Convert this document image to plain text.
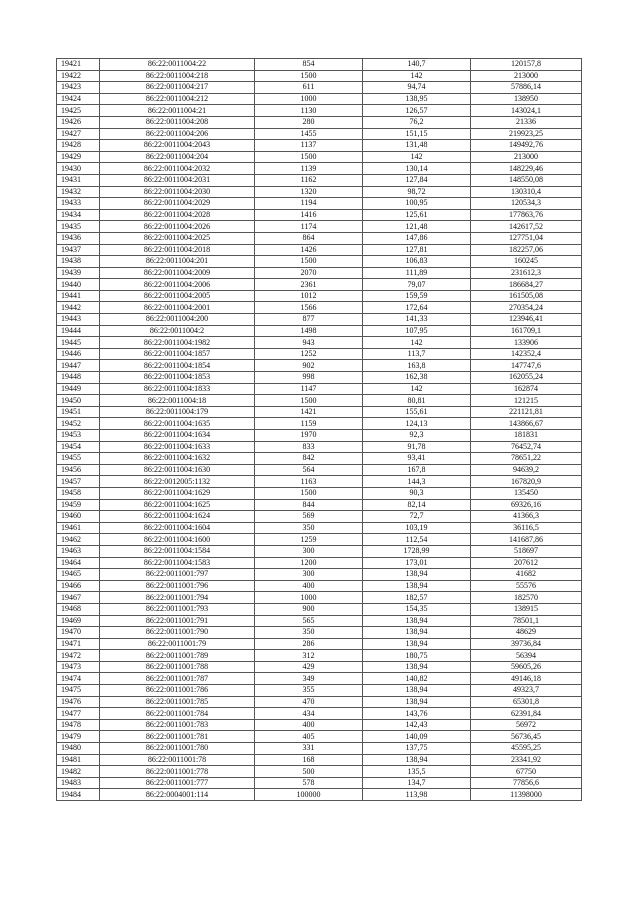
19421	86:22:0011004:22	854	140,7	120157,8
19422	86:22:0011004:218	1500	142	213000
19423	86:22:0011004:217	611	94,74	57886,14
19424	86:22:0011004:212	1000	138,95	138950
19425	86:22:0011004:21	1130	126,57	143024,1
19426	86:22:0011004:208	280	76,2	21336
19427	86:22:0011004:206	1455	151,15	219923,25
19428	86:22:0011004:2043	1137	131,48	149492,76
19429	86:22:0011004:204	1500	142	213000
19430	86:22:0011004:2032	1139	130,14	148229,46
19431	86:22:0011004:2031	1162	127,84	148550,08
19432	86:22:0011004:2030	1320	98,72	130310,4
19433	86:22:0011004:2029	1194	100,95	120534,3
19434	86:22:0011004:2028	1416	125,61	177863,76
19435	86:22:0011004:2026	1174	121,48	142617,52
19436	86:22:0011004:2025	864	147,86	127751,04
19437	86:22:0011004:2018	1426	127,81	182257,06
19438	86:22:0011004:201	1500	106,83	160245
19439	86:22:0011004:2009	2070	111,89	231612,3
19440	86:22:0011004:2006	2361	79,07	186684,27
19441	86:22:0011004:2005	1012	159,59	161505,08
19442	86:22:0011004:2001	1566	172,64	270354,24
19443	86:22:0011004:200	877	141,33	123946,41
19444	86:22:0011004:2	1498	107,95	161709,1
19445	86:22:0011004:1982	943	142	133906
19446	86:22:0011004:1857	1252	113,7	142352,4
19447	86:22:0011004:1854	902	163,8	147747,6
19448	86:22:0011004:1853	998	162,38	162055,24
19449	86:22:0011004:1833	1147	142	162874
19450	86:22:0011004:18	1500	80,81	121215
19451	86:22:0011004:179	1421	155,61	221121,81
19452	86:22:0011004:1635	1159	124,13	143866,67
19453	86:22:0011004:1634	1970	92,3	181831
19454	86:22:0011004:1633	833	91,78	76452,74
19455	86:22:0011004:1632	842	93,41	78651,22
19456	86:22:0011004:1630	564	167,8	94639,2
19457	86:22:0012005:1132	1163	144,3	167820,9
19458	86:22:0011004:1629	1500	90,3	135450
19459	86:22:0011004:1625	844	82,14	69326,16
19460	86:22:0011004:1624	569	72,7	41366,3
19461	86:22:0011004:1604	350	103,19	36116,5
19462	86:22:0011004:1600	1259	112,54	141687,86
19463	86:22:0011004:1584	300	1728,99	518697
19464	86:22:0011004:1583	1200	173,01	207612
19465	86:22:0011001:797	300	138,94	41682
19466	86:22:0011001:796	400	138,94	55576
19467	86:22:0011001:794	1000	182,57	182570
19468	86:22:0011001:793	900	154,35	138915
19469	86:22:0011001:791	565	138,94	78501,1
19470	86:22:0011001:790	350	138,94	48629
19471	86:22:0011001:79	286	138,94	39736,84
19472	86:22:0011001:789	312	180,75	56394
19473	86:22:0011001:788	429	138,94	59605,26
19474	86:22:0011001:787	349	140,82	49146,18
19475	86:22:0011001:786	355	138,94	49323,7
19476	86:22:0011001:785	470	138,94	65301,8
19477	86:22:0011001:784	434	143,76	62391,84
19478	86:22:0011001:783	400	142,43	56972
19479	86:22:0011001:781	405	140,09	56736,45
19480	86:22:0011001:780	331	137,75	45595,25
19481	86:22:0011001:78	168	138,94	23341,92
19482	86:22:0011001:778	500	135,5	67750
19483	86:22:0011001:777	578	134,7	77856,6
19484	86:22:0004001:114	100000	113,98	11398000
